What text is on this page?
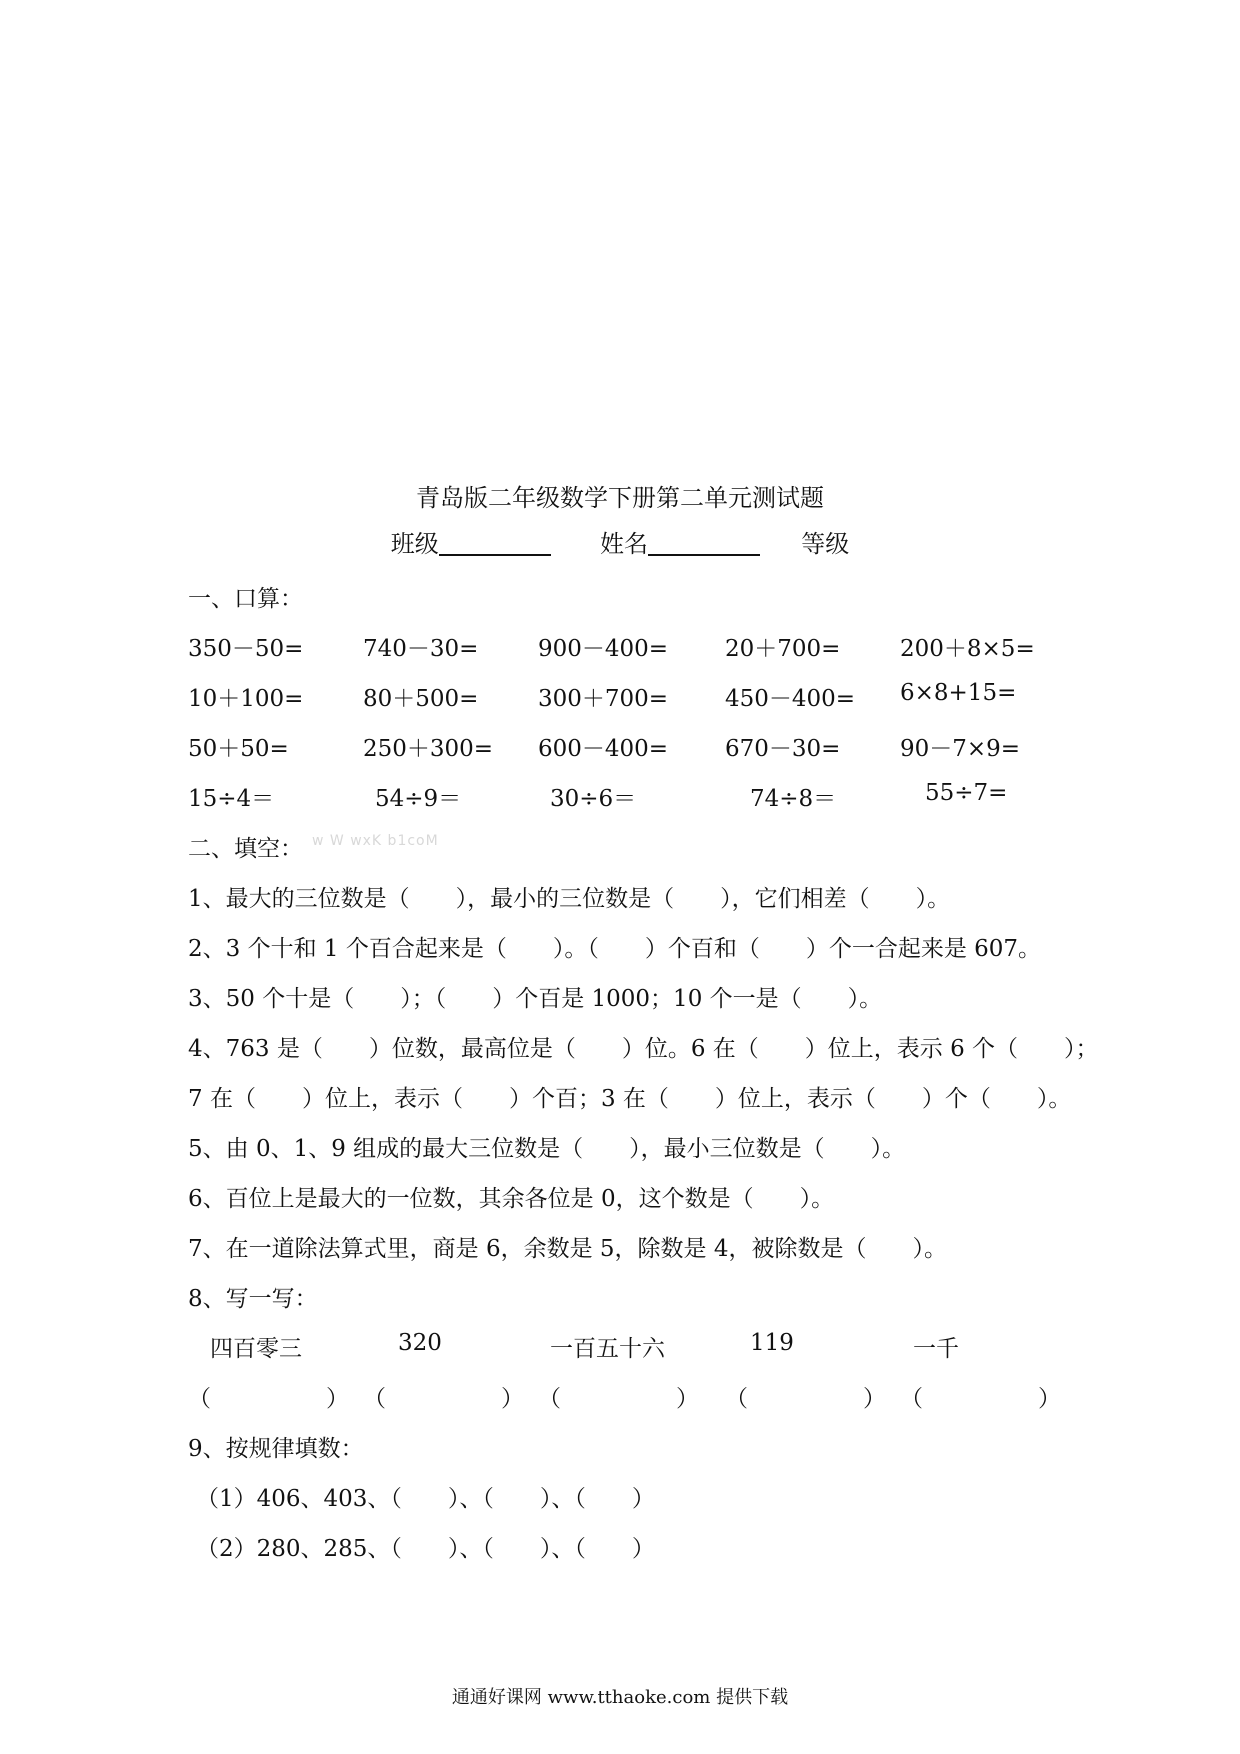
青岛版二年级数学下册第二单元测试题
班级	姓名	等级
一、口算：
350－50=	740－30=	900－400= 20＋700=	200＋8×5=
10＋100=	80＋500=	300＋700= 450－400= 6×8+15=
50＋50=	250＋300= 600－400= 670－30=	90－7×9=
15÷4＝	54÷9＝	30÷6＝	74÷8＝	55÷7=
二、填空： w W wxK b1coM
1、最大的三位数是（　　），最小的三位数是（　　），它们相差（　　）。
2、3 个十和 1 个百合起来是（　　）。（　　）个百和（　　）个一合起来是 607。
3、50 个十是（　　）；（　　）个百是 1000；10 个一是（　　）。
4、763 是（　　）位数，最高位是（　　）位。6 在（　　）位上，表示 6 个（　　）；
7 在（　　）位上，表示（　　）个百；3 在（　　）位上，表示（　　）个（　　）。
5、由 0、1、9 组成的最大三位数是（　　），最小三位数是（　　）。
6、百位上是最大的一位数，其余各位是 0，这个数是（　　）。
7、在一道除法算式里，商是 6，余数是 5，除数是 4，被除数是（　　）。
8、写一写：
四百零三	320	一百五十六	119	一千
（　　　　　） （　　　　　） （　　　　　） （　　　　　） （　　　　　）
9、按规律填数：
（1）406、403、（　　）、（　　）、（　　）
（2）280、285、（　　）、（　　）、（　　）
通通好课网 www.tthaoke.com 提供下载
